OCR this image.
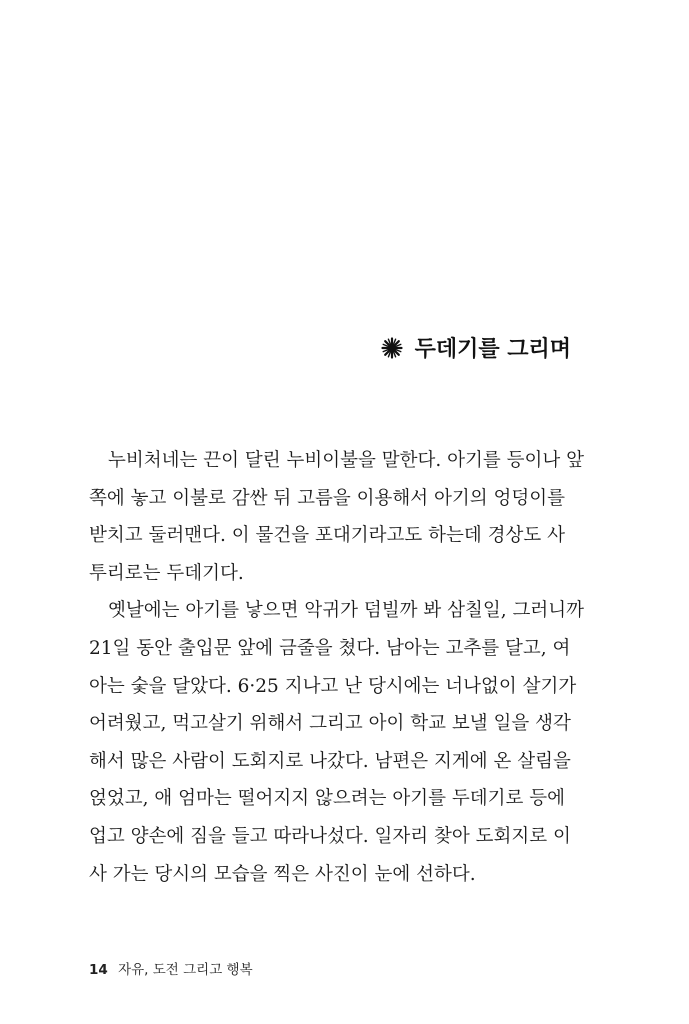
두데기를 그리며
누비처네는 끈이 달린 누비이불을 말한다. 아기를 등이나 앞
쪽에 놓고 이불로 감싼 뒤 고름을 이용해서 아기의 엉덩이를
받치고 둘러맨다. 이 물건을 포대기라고도 하는데 경상도 사
투리로는 두데기다.
옛날에는 아기를 낳으면 악귀가 덤빌까 봐 삼칠일, 그러니까
21일 동안 출입문 앞에 금줄을 쳤다. 남아는 고추를 달고, 여
아는 숯을 달았다. 6·25 지나고 난 당시에는 너나없이 살기가
어려웠고, 먹고살기 위해서 그리고 아이 학교 보낼 일을 생각
해서 많은 사람이 도회지로 나갔다. 남편은 지게에 온 살림을
얹었고, 애 엄마는 떨어지지 않으려는 아기를 두데기로 등에
업고 양손에 짐을 들고 따라나섰다. 일자리 찾아 도회지로 이
사 가는 당시의 모습을 찍은 사진이 눈에 선하다.
14 자유, 도전 그리고 행복
